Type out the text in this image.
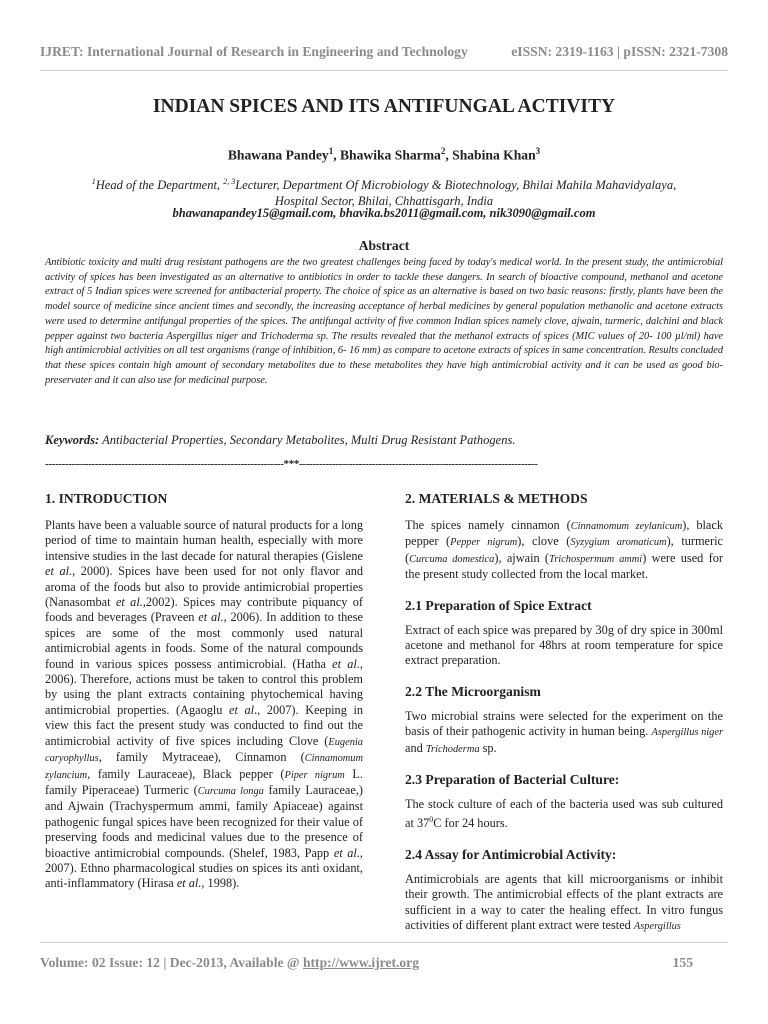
IJRET: International Journal of Research in Engineering and Technology	eISSN: 2319-1163 | pISSN: 2321-7308
INDIAN SPICES AND ITS ANTIFUNGAL ACTIVITY
Bhawana Pandey$^1$, Bhawika Sharma$^2$, Shabina Khan$^3$
$^1$Head of the Department, $^{2, 3}$Lecturer, Department Of Microbiology & Biotechnology, Bhilai Mahila Mahavidyalaya,
Hospital Sector, Bhilai, Chhattisgarh, India
bhawanapandey15@gmail.com, bhavika.bs2011@gmail.com, nik3090@gmail.com
Abstract
Antibiotic toxicity and multi drug resistant pathogens are the two greatest challenges being faced by today's medical world. In the present study, the antimicrobial activity of spices has been investigated as an alternative to antibiotics in order to tackle these dangers. In search of bioactive compound, methanol and acetone extract of 5 Indian spices were screened for antibacterial property. The choice of spice as an alternative is based on two basic reasons: firstly, plants have been the model source of medicine since ancient times and secondly, the increasing acceptance of herbal medicines by general population methanolic and acetone extracts were used to determine antifungal properties of the spices. The antifungal activity of five common Indian spices namely clove, ajwain, turmeric, dalchini and black pepper against two bacteria Aspergillus niger and Trichoderma sp. The results revealed that the methanol extracts of spices (MIC values of 20- 100 µl/ml) have high antimicrobial activities on all test organisms (range of inhibition, 6- 16 mm) as compare to acetone extracts of spices in same concentration. Results concluded that these spices contain high amount of secondary metabolites due to these metabolites they have high antimicrobial activity and it can be used as good bio- preservater and it can also use for medicinal purpose.
Keywords: Antibacterial Properties, Secondary Metabolites, Multi Drug Resistant Pathogens.
------------------------------------------------------------------------***------------------------------------------------------------------------
1. INTRODUCTION

Plants have been a valuable source of natural products for a long period of time to maintain human health, especially with more intensive studies in the last decade for natural therapies (Gislene et al., 2000). Spices have been used for not only flavor and aroma of the foods but also to provide antimicrobial properties (Nanasombat et al.,2002). Spices may contribute piquancy of foods and beverages (Praveen et al., 2006). In addition to these spices are some of the most commonly used natural antimicrobial agents in foods. Some of the natural compounds found in various spices possess antimicrobial. (Hatha et al., 2006). Therefore, actions must be taken to control this problem by using the plant extracts containing phytochemical having antimicrobial properties. (Agaoglu et al., 2007). Keeping in view this fact the present study was conducted to find out the antimicrobial activity of five spices including Clove (Eugenia caryophyllus, family Mytraceae), Cinnamon (Cinnamomum zylancium, family Lauraceae), Black pepper (Piper nigrum L. family Piperaceae) Turmeric (Curcuma longa family Lauraceae,) and Ajwain (Trachyspermum ammi, family Apiaceae) against pathogenic fungal spices have been recognized for their value of preserving foods and medicinal values due to the presence of bioactive antimicrobial compounds. (Shelef, 1983, Papp et al., 2007). Ethno pharmacological studies on spices its anti oxidant, anti-inflammatory (Hirasa et al., 1998).

2. MATERIALS & METHODS

The spices namely cinnamon (Cinnamomum zeylanicum), black pepper (Pepper nigrum), clove (Syzygium aromaticum), turmeric (Curcuma domestica), ajwain (Trichospermum ammi) were used for the present study collected from the local market.

2.1 Preparation of Spice Extract

Extract of each spice was prepared by 30g of dry spice in 300ml acetone and methanol for 48hrs at room temperature for spice extract preparation.

2.2 The Microorganism

Two microbial strains were selected for the experiment on the basis of their pathogenic activity in human being. Aspergillus niger and Trichoderma sp.

2.3 Preparation of Bacterial Culture:

The stock culture of each of the bacteria used was sub cultured at $37^0C$ for 24 hours.

2.4 Assay for Antimicrobial Activity:

Antimicrobials are agents that kill microorganisms or inhibit their growth. The antimicrobial effects of the plant extracts are sufficient in a way to cater the healing effect. In vitro fungus activities of different plant extract were tested Aspergillus

Volume: 02 Issue: 12 | Dec-2013, Available @ http://www.ijret.org	155
